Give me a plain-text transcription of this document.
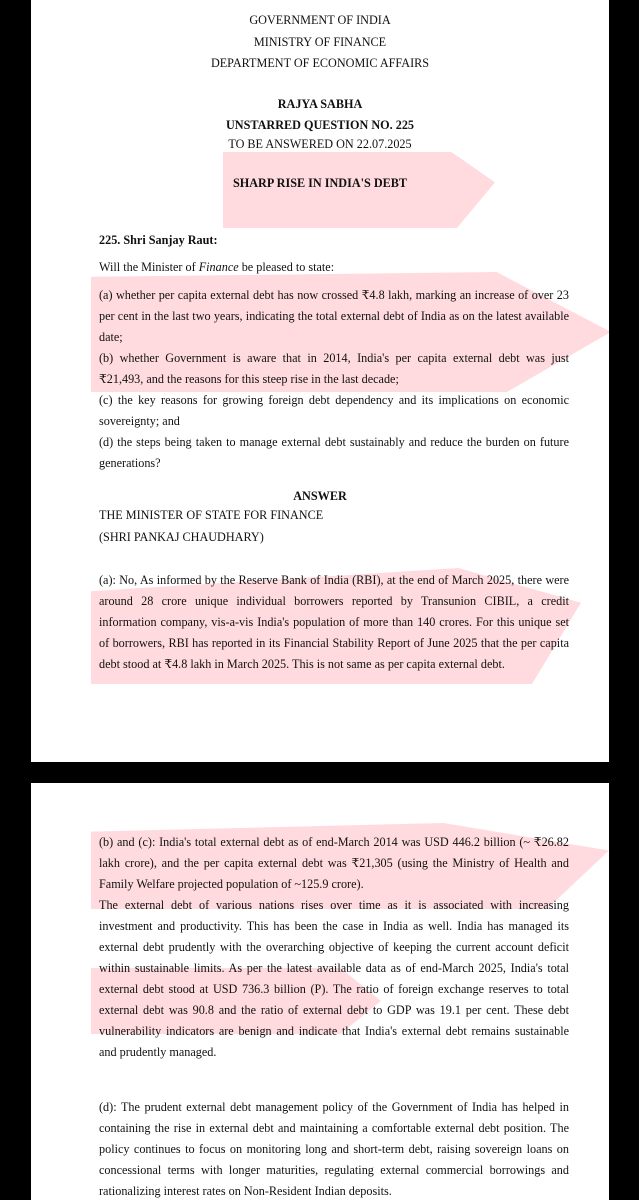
GOVERNMENT OF INDIA
MINISTRY OF FINANCE
DEPARTMENT OF ECONOMIC AFFAIRS
RAJYA SABHA
UNSTARRED QUESTION NO. 225
TO BE ANSWERED ON 22.07.2025
SHARP RISE IN INDIA'S DEBT
225. Shri Sanjay Raut:
Will the Minister of Finance be pleased to state:

(a) whether per capita external debt has now crossed ₹4.8 lakh, marking an increase of over 23 per cent in the last two years, indicating the total external debt of India as on the latest available date;

(b) whether Government is aware that in 2014, India's per capita external debt was just ₹21,493, and the reasons for this steep rise in the last decade;

(c) the key reasons for growing foreign debt dependency and its implications on economic sovereignty; and

(d) the steps being taken to manage external debt sustainably and reduce the burden on future generations?

ANSWER
THE MINISTER OF STATE FOR FINANCE
(SHRI PANKAJ CHAUDHARY)
(a): No, As informed by the Reserve Bank of India (RBI), at the end of March 2025, there were around 28 crore unique individual borrowers reported by Transunion CIBIL, a credit information company, vis-a-vis India's population of more than 140 crores. For this unique set of borrowers, RBI has reported in its Financial Stability Report of June 2025 that the per capita debt stood at ₹4.8 lakh in March 2025. This is not same as per capita external debt.

(b) and (c): India's total external debt as of end-March 2014 was USD 446.2 billion (~ ₹26.82 lakh crore), and the per capita external debt was ₹21,305 (using the Ministry of Health and Family Welfare projected population of ~125.9 crore).

The external debt of various nations rises over time as it is associated with increasing investment and productivity. This has been the case in India as well. India has managed its external debt prudently with the overarching objective of keeping the current account deficit within sustainable limits. As per the latest available data as of end-March 2025, India's total external debt stood at USD 736.3 billion (P). The ratio of foreign exchange reserves to total external debt was 90.8 and the ratio of external debt to GDP was 19.1 per cent. These debt vulnerability indicators are benign and indicate that India's external debt remains sustainable and prudently managed.

(d): The prudent external debt management policy of the Government of India has helped in containing the rise in external debt and maintaining a comfortable external debt position. The policy continues to focus on monitoring long and short-term debt, raising sovereign loans on concessional terms with longer maturities, regulating external commercial borrowings and rationalizing interest rates on Non-Resident Indian deposits.
